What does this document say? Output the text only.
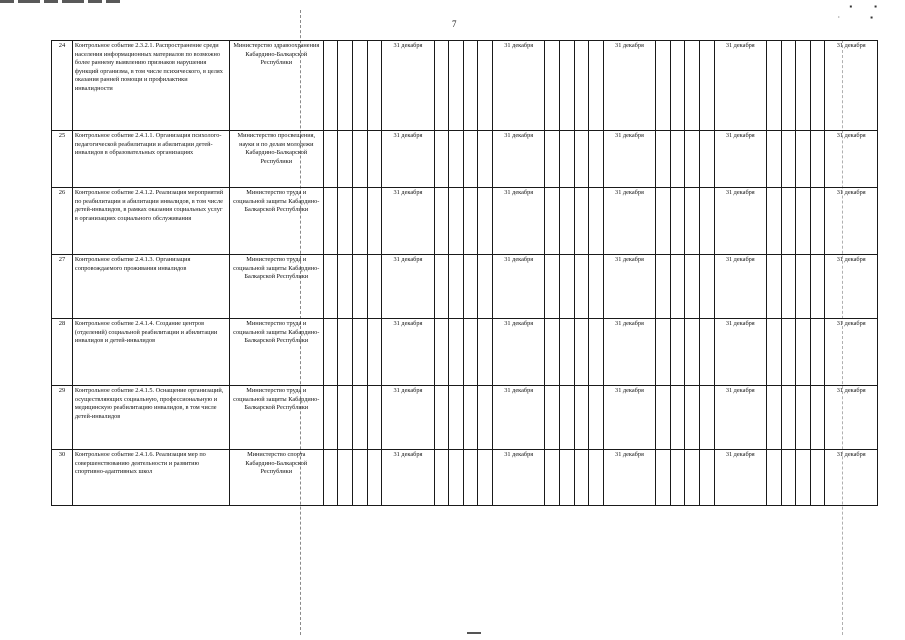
▪ ▪
· ▪
7
24	Контрольное событие 2.3.2.1. Распространение среди населения информационных материалов по возможно более раннему выявлению признаков нарушения функций организма, в том числе психического, в целях оказания ранней помощи и профилактики инвалидности	Министерство здравоохранения Кабардино-Балкарской Республики					31 декабря					31 декабря					31 декабря					31 декабря					31 декабря
25	Контрольное событие 2.4.1.1. Организация психолого-педагогической реабилитации и абилитации детей-инвалидов в образовательных организациях	Министерство просвещения, науки и по делам молодежи Кабардино-Балкарской Республики					31 декабря					31 декабря					31 декабря					31 декабря					31 декабря
26	Контрольное событие 2.4.1.2. Реализация мероприятий по реабилитации и абилитации инвалидов, в том числе детей-инвалидов, в рамках оказания социальных услуг в организациях социального обслуживания	Министерство труда и социальной защиты Кабардино-Балкарской Республики					31 декабря					31 декабря					31 декабря					31 декабря					31 декабря
27	Контрольное событие 2.4.1.3. Организация сопровождаемого проживания инвалидов	Министерство труда и социальной защиты Кабардино-Балкарской Республики					31 декабря					31 декабря					31 декабря					31 декабря					31 декабря
28	Контрольное событие 2.4.1.4. Создание центров (отделений) социальной реабилитации и абилитации инвалидов и детей-инвалидов	Министерство труда и социальной защиты Кабардино-Балкарской Республики					31 декабря					31 декабря					31 декабря					31 декабря					31 декабря
29	Контрольное событие 2.4.1.5. Оснащение организаций, осуществляющих социальную, профессиональную и медицинскую реабилитацию инвалидов, в том числе детей-инвалидов	Министерство труда и социальной защиты Кабардино-Балкарской Республики					31 декабря					31 декабря					31 декабря					31 декабря					31 декабря
30	Контрольное событие 2.4.1.6. Реализация мер по совершенствованию деятельности и развитию спортивно-адаптивных школ	Министерство спорта Кабардино-Балкарской Республики					31 декабря					31 декабря					31 декабря					31 декабря					31 декабря
